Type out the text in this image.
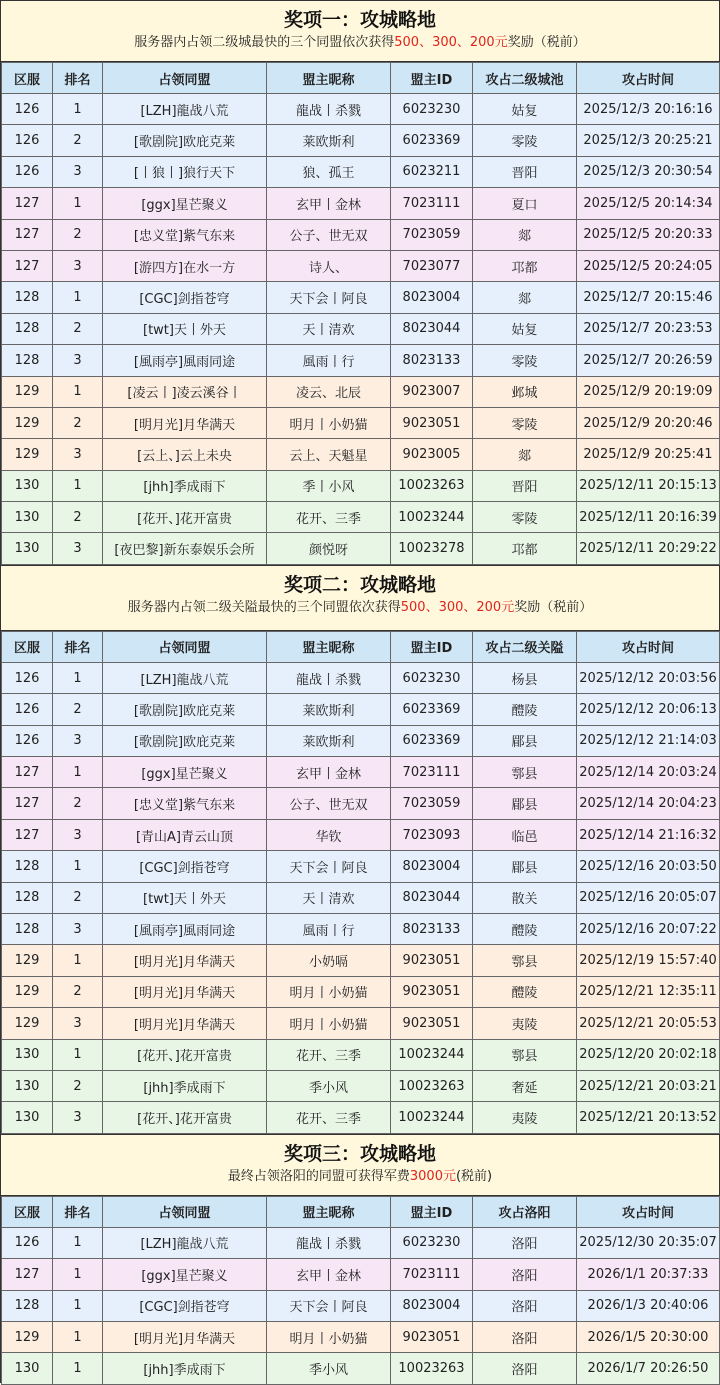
奖项一：攻城略地
服务器内占领二级城最快的三个同盟依次获得500、300、200元奖励（税前）
区服	排名	占领同盟	盟主昵称	盟主ID	攻占二级城池	攻占时间
126	1	[LZH]龍战八荒	龍战丨杀戮	6023230	姑复	2025/12/3 20:16:16
126	2	[歌剧院]欧庇克莱	莱欧斯利	6023369	零陵	2025/12/3 20:25:21
126	3	[丨狼丨]狼行天下	狼、孤王	6023211	晋阳	2025/12/3 20:30:54
127	1	[ggx]星芒聚义	玄甲丨金林	7023111	夏口	2025/12/5 20:14:34
127	2	[忠义堂]紫气东来	公子、世无双	7023059	郯	2025/12/5 20:20:33
127	3	[游四方]在水一方	诗人、	7023077	邛都	2025/12/5 20:24:05
128	1	[CGC]剑指苍穹	天下会丨阿良	8023004	郯	2025/12/7 20:15:46
128	2	[twt]天丨外天	天丨清欢	8023044	姑复	2025/12/7 20:23:53
128	3	[風雨亭]風雨同途	風雨丨行	8023133	零陵	2025/12/7 20:26:59
129	1	[凌云丨]凌云溪谷丨	凌云、北辰	9023007	邺城	2025/12/9 20:19:09
129	2	[明月光]月华满天	明月丨小奶猫	9023051	零陵	2025/12/9 20:20:46
129	3	[云上、]云上未央	云上、天魁星	9023005	郯	2025/12/9 20:25:41
130	1	[jhh]季成雨下	季丨小风	10023263	晋阳	2025/12/11 20:15:13
130	2	[花开、]花开富贵	花开、三季	10023244	零陵	2025/12/11 20:16:39
130	3	[夜巴黎]新东泰娱乐会所	颜悦呀	10023278	邛都	2025/12/11 20:29:22
奖项二：攻城略地
服务器内占领二级关隘最快的三个同盟依次获得500、300、200元奖励（税前）
区服	排名	占领同盟	盟主昵称	盟主ID	攻占二级关隘	攻占时间
126	1	[LZH]龍战八荒	龍战丨杀戮	6023230	杨县	2025/12/12 20:03:56
126	2	[歌剧院]欧庇克莱	莱欧斯利	6023369	醴陵	2025/12/12 20:06:13
126	3	[歌剧院]欧庇克莱	莱欧斯利	6023369	郿县	2025/12/12 21:14:03
127	1	[ggx]星芒聚义	玄甲丨金林	7023111	鄠县	2025/12/14 20:03:24
127	2	[忠义堂]紫气东来	公子、世无双	7023059	郿县	2025/12/14 20:04:23
127	3	[青山A]青云山顶	华钦	7023093	临邑	2025/12/14 21:16:32
128	1	[CGC]剑指苍穹	天下会丨阿良	8023004	郿县	2025/12/16 20:03:50
128	2	[twt]天丨外天	天丨清欢	8023044	散关	2025/12/16 20:05:07
128	3	[風雨亭]風雨同途	風雨丨行	8023133	醴陵	2025/12/16 20:07:22
129	1	[明月光]月华满天	小奶嗝	9023051	鄠县	2025/12/19 15:57:40
129	2	[明月光]月华满天	明月丨小奶猫	9023051	醴陵	2025/12/21 12:35:11
129	3	[明月光]月华满天	明月丨小奶猫	9023051	夷陵	2025/12/21 20:05:53
130	1	[花开、]花开富贵	花开、三季	10023244	鄠县	2025/12/20 20:02:18
130	2	[jhh]季成雨下	季小风	10023263	奢延	2025/12/21 20:03:21
130	3	[花开、]花开富贵	花开、三季	10023244	夷陵	2025/12/21 20:13:52
奖项三：攻城略地
最终占领洛阳的同盟可获得军费3000元(税前)
区服	排名	占领同盟	盟主昵称	盟主ID	攻占洛阳	攻占时间
126	1	[LZH]龍战八荒	龍战丨杀戮	6023230	洛阳	2025/12/30 20:35:07
127	1	[ggx]星芒聚义	玄甲丨金林	7023111	洛阳	2026/1/1 20:37:33
128	1	[CGC]剑指苍穹	天下会丨阿良	8023004	洛阳	2026/1/3 20:40:06
129	1	[明月光]月华满天	明月丨小奶猫	9023051	洛阳	2026/1/5 20:30:00
130	1	[jhh]季成雨下	季小风	10023263	洛阳	2026/1/7 20:26:50
